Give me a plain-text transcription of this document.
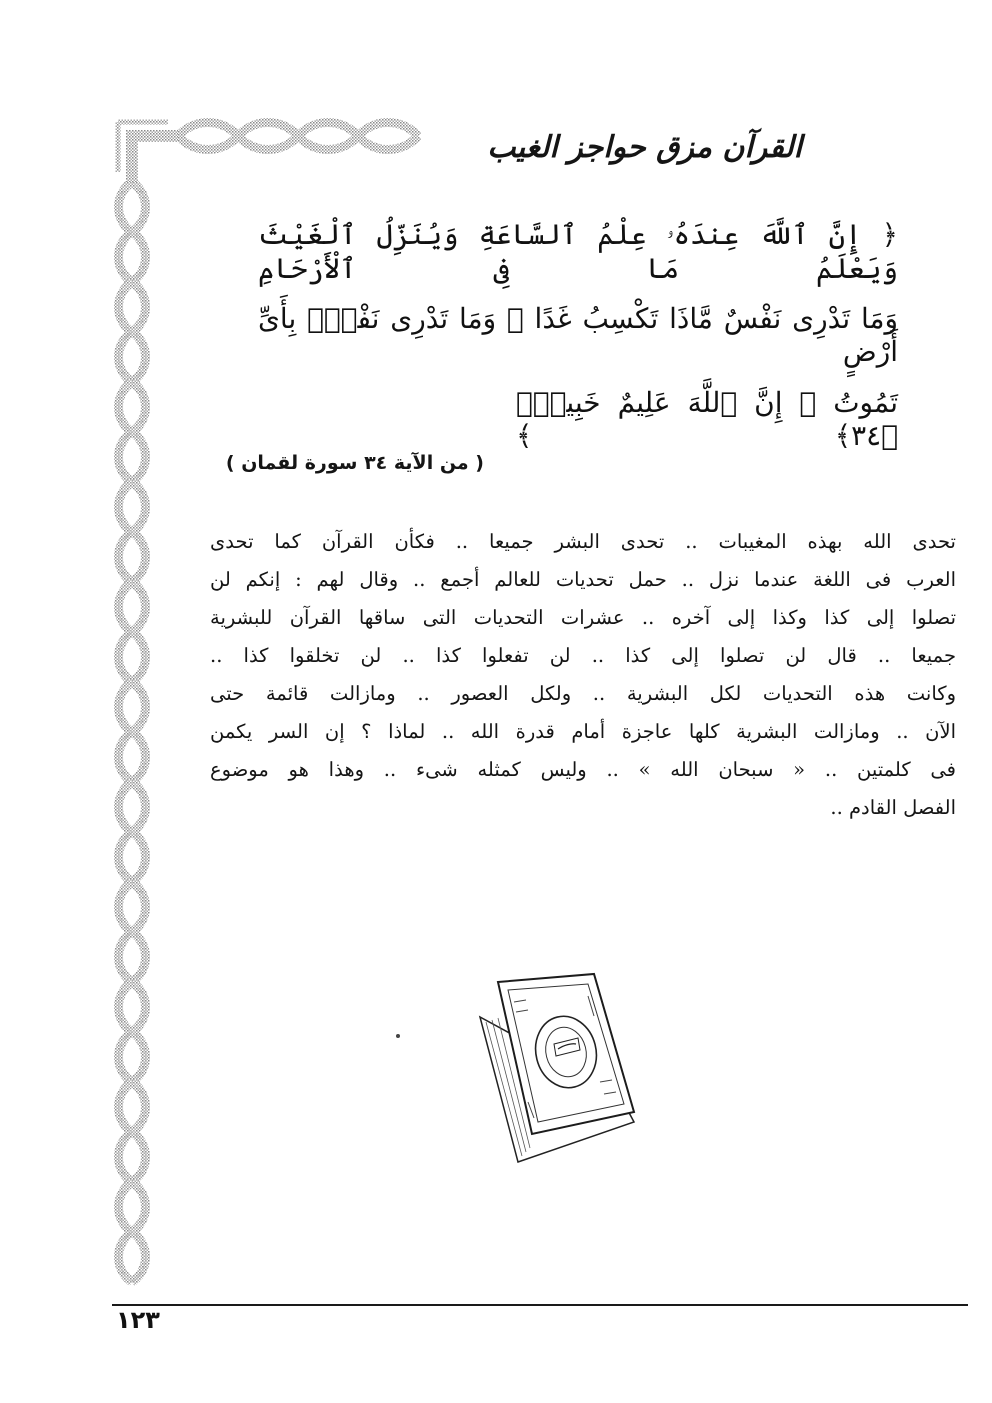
القرآن مزق حواجز الغيب
﴿ إِنَّ ٱللَّهَ عِندَهُۥ عِلْمُ ٱلسَّاعَةِ وَيُنَزِّلُ ٱلْغَيْثَ وَيَعْلَمُ مَا فِى ٱلْأَرْحَامِ
وَمَا تَدْرِى نَفْسٌ مَّاذَا تَكْسِبُ غَدًا ۖ وَمَا تَدْرِى نَفْسٌۢ بِأَىِّ أَرْضٍ
تَمُوتُ ۚ إِنَّ ٱللَّهَ عَلِيمٌ خَبِيرٌۢ ﴿٣٤﴾ ﴾
( من الآية ٣٤ سورة لقمان )
تحدى الله بهذه المغيبات .. تحدى البشر جميعا .. فكأن القرآن كما تحدى
العرب فى اللغة عندما نزل .. حمل تحديات للعالم أجمع .. وقال لهم : إنكم لن
تصلوا إلى كذا وكذا إلى آخره .. عشرات التحديات التى ساقها القرآن للبشرية
جميعا .. قال لن تصلوا إلى كذا .. لن تفعلوا كذا .. لن تخلقوا كذا ..
وكانت هذه التحديات لكل البشرية .. ولكل العصور .. ومازالت قائمة حتى
الآن .. ومازالت البشرية كلها عاجزة أمام قدرة الله .. لماذا ؟ إن السر يكمن
فى كلمتين .. « سبحان الله » .. وليس كمثله شىء .. وهذا هو موضوع
الفصل القادم ..
١٢٣
